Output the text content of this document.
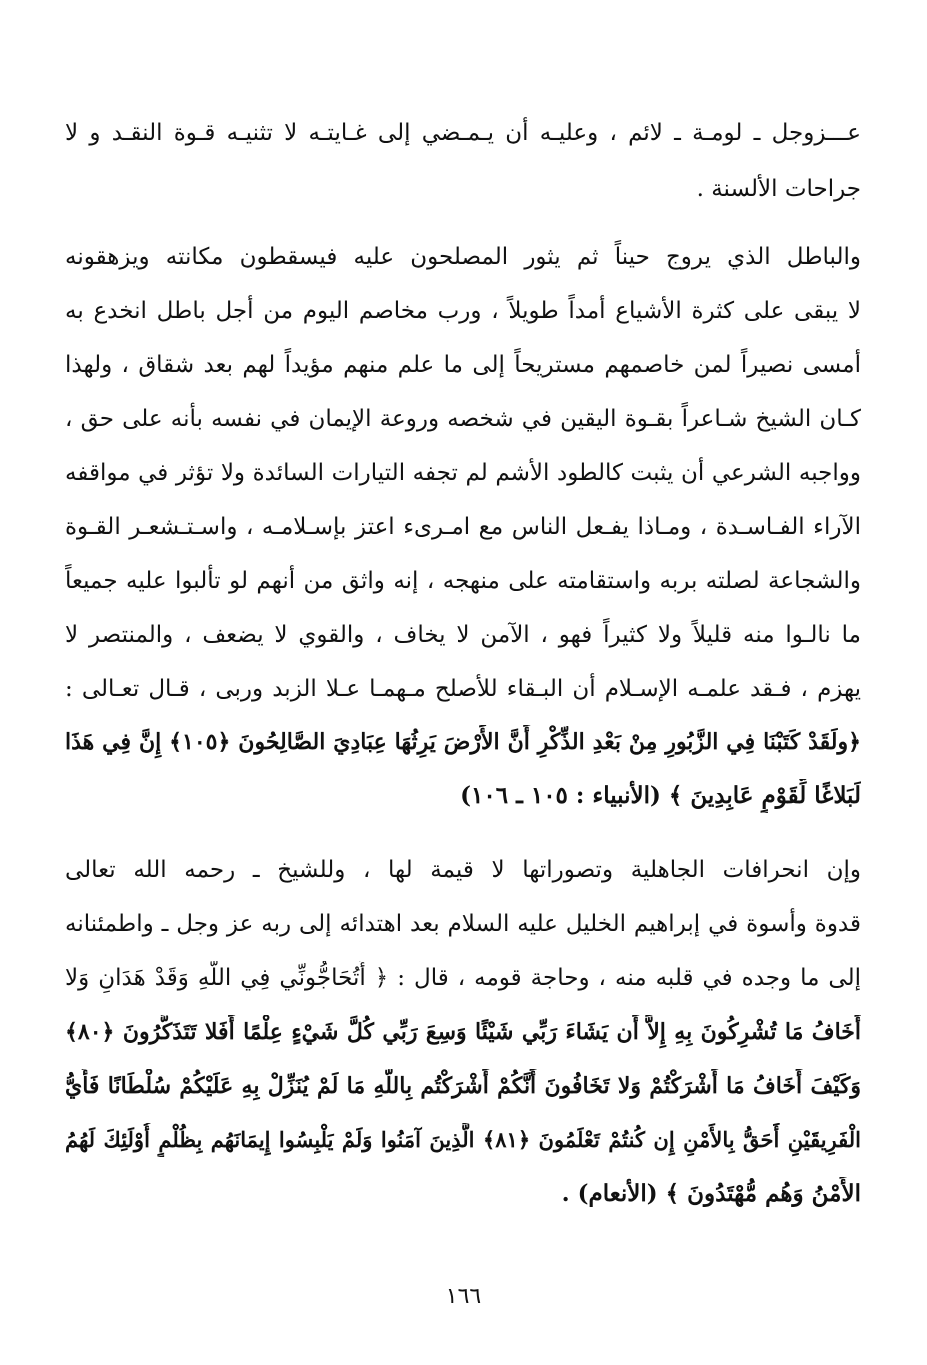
عـــزوجل ـ لومـة ـ لائم ، وعليـه أن يـمـضي إلى غـايتـه لا تثنيـه قـوة النقـد و لا
جراحات الألسنة .
والباطل الذي يروج حيناً ثم يثور المصلحون عليه فيسقطون مكانته ويزهقونه
لا يبقى على كثرة الأشياع أمداً طويلاً ، ورب مخاصم اليوم من أجل باطل انخدع به
أمسى نصيراً لمن خاصمهم مستريحاً إلى ما علم منهم مؤيداً لهم بعد شقاق ، ولهذا
كـان الشيخ شـاعراً بقـوة اليقين في شخصه وروعة الإيمان في نفسه بأنه على حق ،
وواجبه الشرعي أن يثبت كالطود الأشم لم تجفه التيارات السائدة ولا تؤثر في مواقفه
الآراء الفـاسـدة ، ومـاذا يفـعل الناس مع امـرىء اعتز بإسـلامـه ، واسـتـشعـر القـوة
والشجاعة لصلته بربه واستقامته على منهجه ، إنه واثق من أنهم لو تألبوا عليه جميعاً
ما نالـوا منه قليلاً ولا كثيراً فهو ، الآمن لا يخاف ، والقوي لا يضعف ، والمنتصر لا
يهزم ، فـقد علمـه الإسـلام أن البـقاء للأصلح مـهمـا عـلا الزبد وربى ، قـال تعـالى :
﴿ولَقَدْ كَتَبْنَا فِي الزَّبُورِ مِنْ بَعْدِ الذِّكْرِ أَنَّ الأَرْضَ يَرِثُهَا عِبَادِيَ الصَّالِحُونَ ﴿١٠٥﴾ إِنَّ فِي هَذَا
لَبَلاغًا لِّقَوْمٍ عَابِدِينَ ﴾ (الأنبياء : ١٠٥ ـ ١٠٦)
وإن انحرافات الجاهلية وتصوراتها لا قيمة لها ، وللشيخ ـ رحمه الله تعالى
قدوة وأسوة في إبراهيم الخليل عليه السلام بعد اهتدائه إلى ربه عز وجل ـ واطمئنانه
إلى ما وجده في قلبه منه ، وحاجة قومه ، قال : ﴿ أَتُحَاجُّونِّي فِي اللَّهِ وَقَدْ هَدَانِ وَلا
أَخَافُ مَا تُشْرِكُونَ بِهِ إِلاَّ أَن يَشَاءَ رَبِّي شَيْئًا وَسِعَ رَبِّي كُلَّ شَيْءٍ عِلْمًا أَفَلا تَتَذَكَّرُونَ ﴿٨٠﴾
وَكَيْفَ أَخَافُ مَا أَشْرَكْتُمْ وَلا تَخَافُونَ أَنَّكُمْ أَشْرَكْتُم بِاللَّهِ مَا لَمْ يُنَزِّلْ بِهِ عَلَيْكُمْ سُلْطَانًا فَأَيُّ
الْفَرِيقَيْنِ أَحَقُّ بِالأَمْنِ إِن كُنتُمْ تَعْلَمُونَ ﴿٨١﴾ الَّذِينَ آمَنُوا وَلَمْ يَلْبِسُوا إِيمَانَهُم بِظُلْمٍ أُوْلَئِكَ لَهُمُ
الأَمْنُ وَهُم مُّهْتَدُونَ ﴾ (الأنعام) .
١٦٦
